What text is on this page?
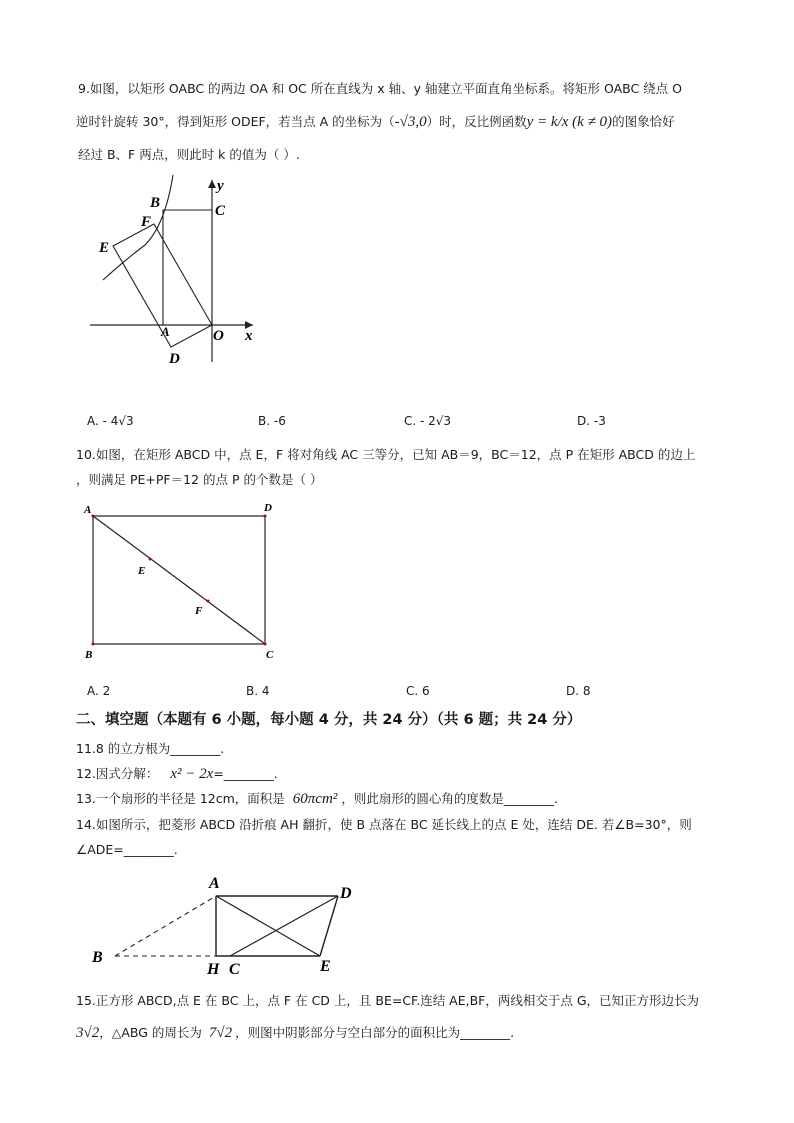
9.如图，以矩形 OABC 的两边 OA 和 OC 所在直线为 x 轴、y 轴建立平面直角坐标系。将矩形 OABC 绕点 O
逆时针旋转 30°，得到矩形 ODEF，若当点 A 的坐标为（-√3,0）时，反比例函数y = k/x (k ≠ 0)的图象恰好
经过 B、F 两点，则此时 k 的值为（ ）.
B
F
E
C
y
A	O x
D
A. - 4√3	B. -6	C. - 2√3	D. -3
10.如图，在矩形 ABCD 中，点 E，F 将对角线 AC 三等分，已知 AB＝9，BC＝12，点 P 在矩形 ABCD 的边上
，则满足 PE+PF＝12 的点 P 的个数是（ ）
A	D
E
F
B	C
A. 2	B. 4	C. 6	D. 8
二、填空题（本题有 6 小题，每小题 4 分，共 24 分）（共 6 题；共 24 分）
11.8 的立方根为________.
12.因式分解： x² − 2x=________.
13.一个扇形的半径是 12cm，面积是 60πcm² ，则此扇形的圆心角的度数是________.
14.如图所示，把菱形 ABCD 沿折痕 AH 翻折，使 B 点落在 BC 延长线上的点 E 处，连结 DE. 若∠B=30°，则
∠ADE=________.
A
D
B
H C	E
15.正方形 ABCD,点 E 在 BC 上，点 F 在 CD 上，且 BE=CF.连结 AE,BF，两线相交于点 G，已知正方形边长为
3√2，△ABG 的周长为 7√2 ，则图中阴影部分与空白部分的面积比为________.
